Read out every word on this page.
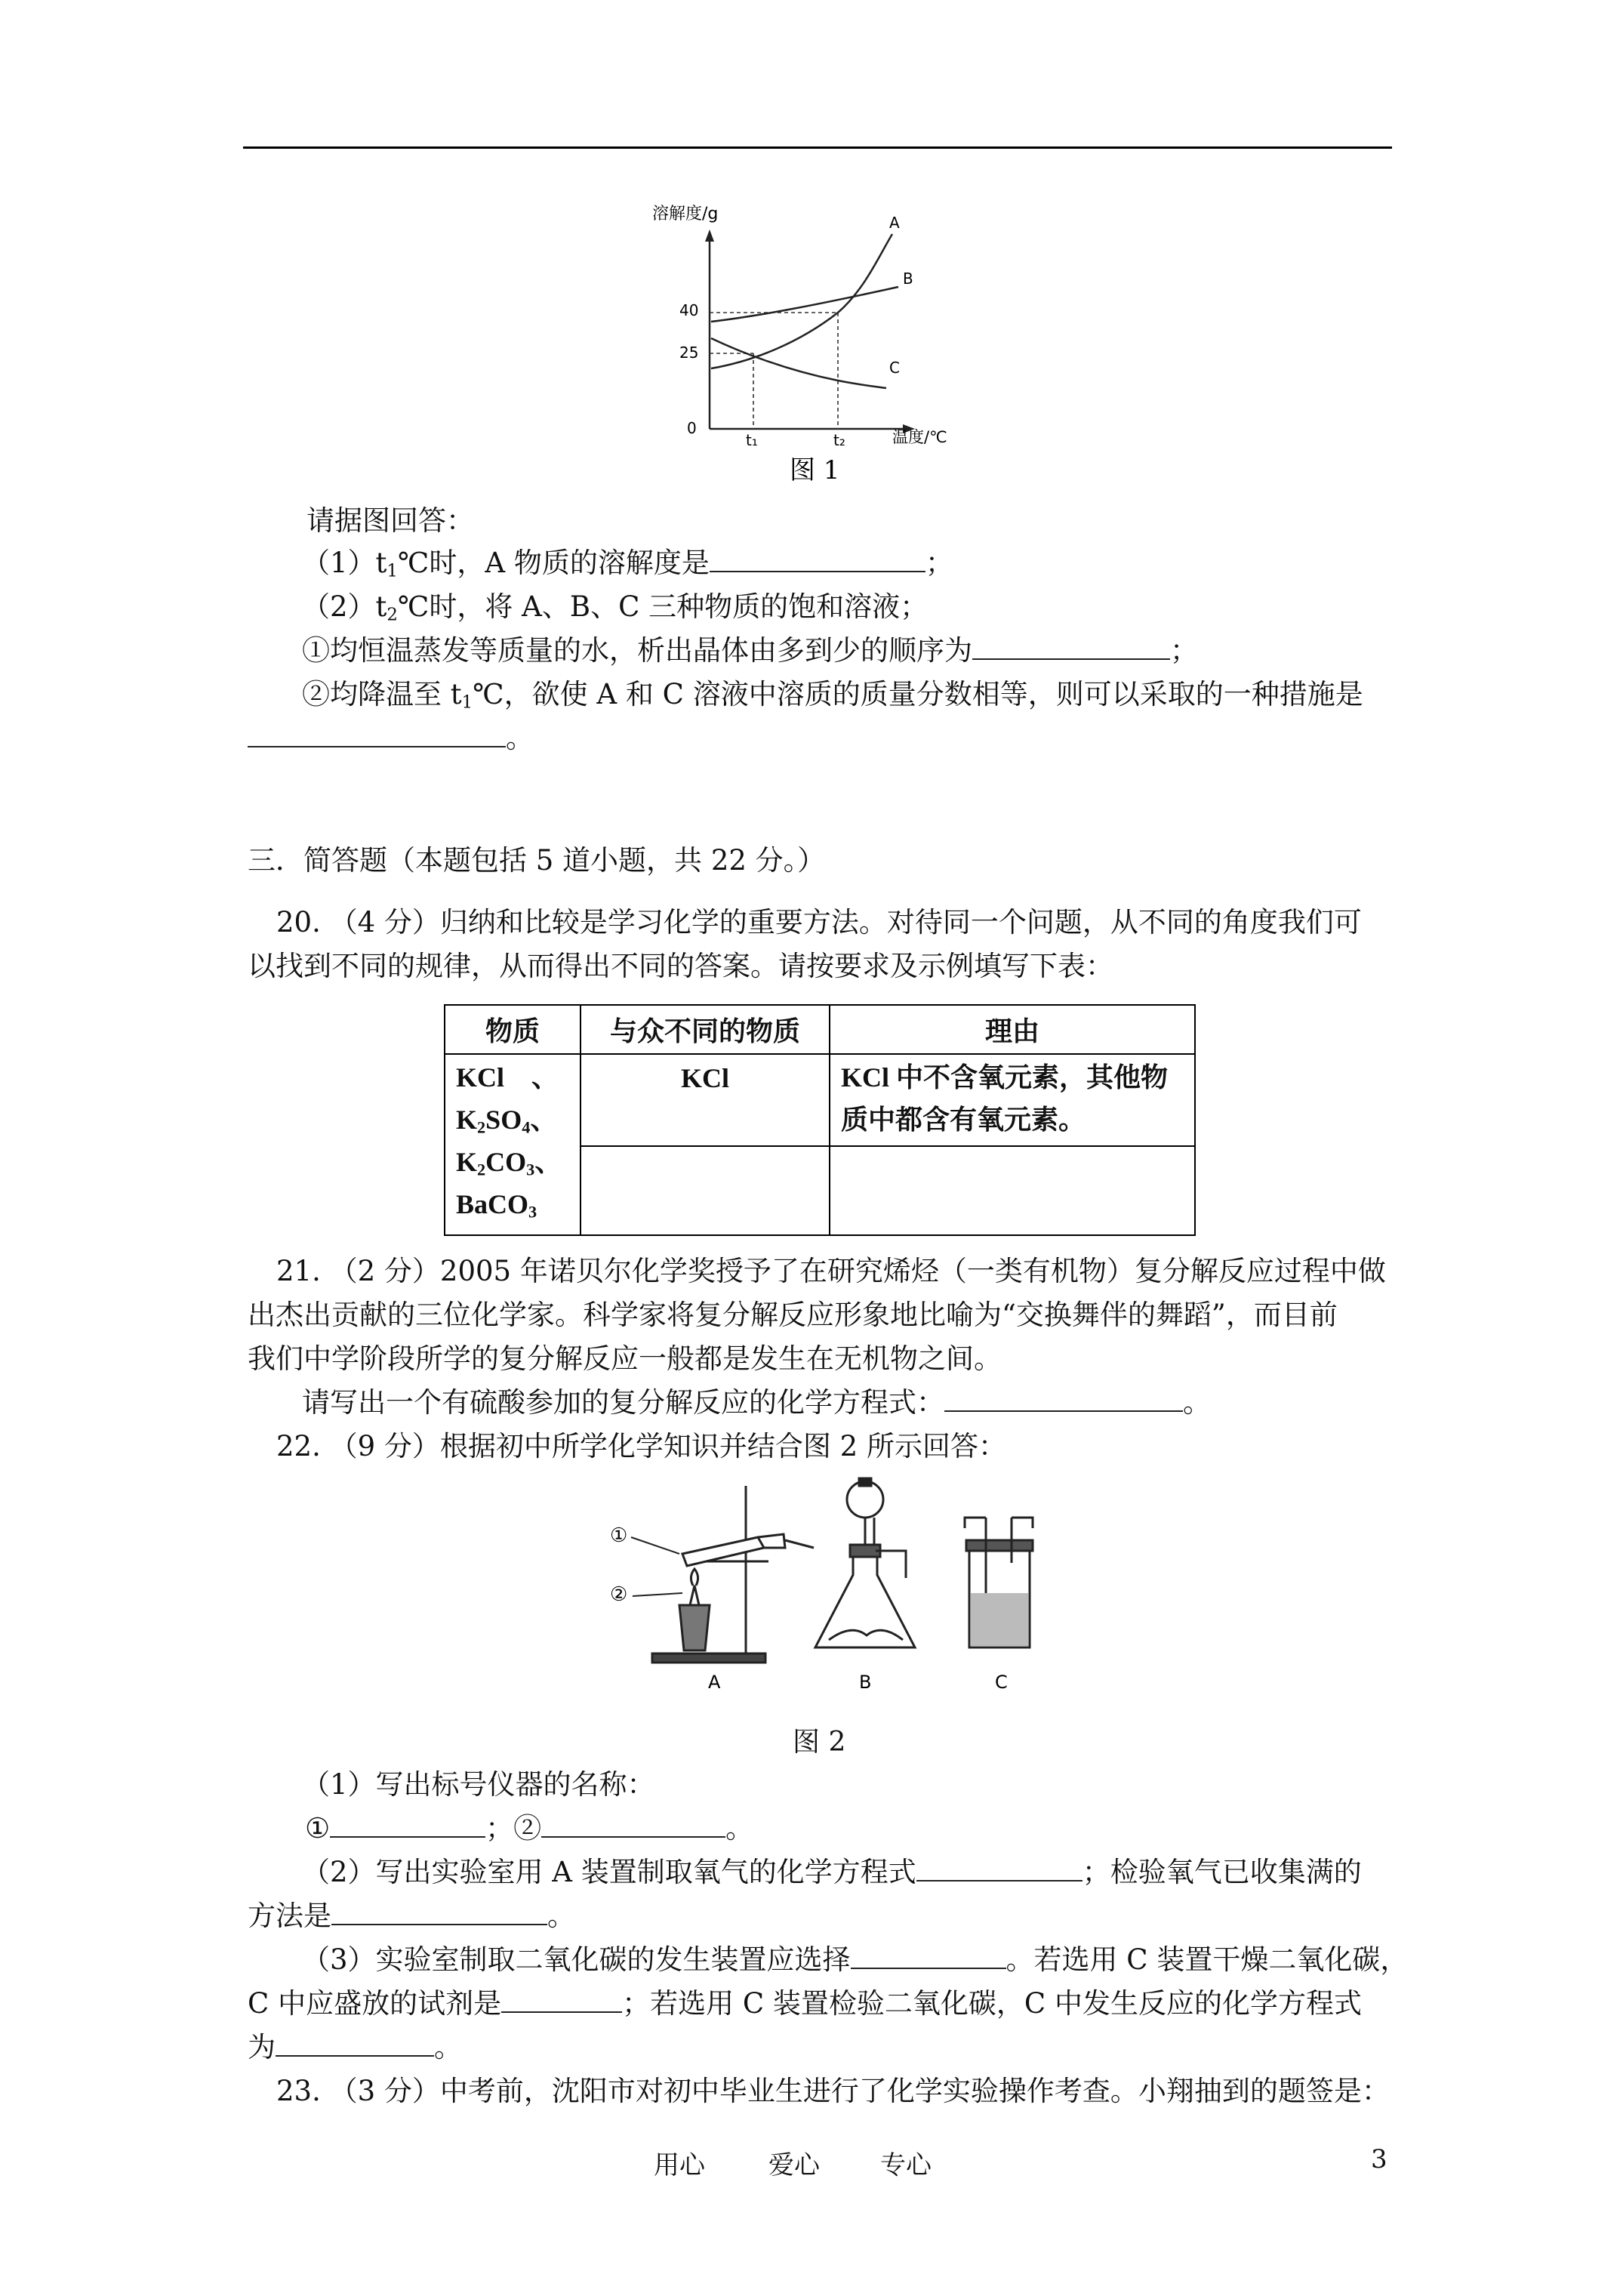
溶解度/g
温度/℃
0
40
25
t₁	t₂
A
B
C
图 1
请据图回答：
$(1)t_1℃$时，A 物质的溶解度是	；
$(2)t_2℃$时，将 A、B、C 三种物质的饱和溶液；
①均恒温蒸发等质量的水，析出晶体由多到少的顺序为	；
②均降温至 $t_1℃$，欲使 A 和 C 溶液中溶质的质量分数相等，则可以采取的一种措施是
。
三．简答题（本题包括 5 道小题，共 22 分。）
20. （4 分）归纳和比较是学习化学的重要方法。对待同一个问题，从不同的角度我们可
以找到不同的规律，从而得出不同的答案。请按要求及示例填写下表：
物质	与众不同的物质	理由
KCl　、
$K_2SO_4$、
$K_2CO_3$、
BaCO$_3$	KCl	KCl 中不含氧元素，其他物质中都含有氧元素。

21. （2 分）2005 年诺贝尔化学奖授予了在研究烯烃（一类有机物）复分解反应过程中做
出杰出贡献的三位化学家。科学家将复分解反应形象地比喻为“交换舞伴的舞蹈”，而目前
我们中学阶段所学的复分解反应一般都是发生在无机物之间。
请写出一个有硫酸参加的复分解反应的化学方程式：	。
22. （9 分）根据初中所学化学知识并结合图 2 所示回答：
①
②
A	B	C
图 2
（1）写出标号仪器的名称：
①	；②	。
（2）写出实验室用 A 装置制取氧气的化学方程式	；检验氧气已收集满的
方法是	。
（3）实验室制取二氧化碳的发生装置应选择	。若选用 C 装置干燥二氧化碳，
C 中应盛放的试剂是	；若选用 C 装置检验二氧化碳，C 中发生反应的化学方程式
为	。
23. （3 分）中考前，沈阳市对初中毕业生进行了化学实验操作考查。小翔抽到的题签是：
用心 爱心 专心	3
